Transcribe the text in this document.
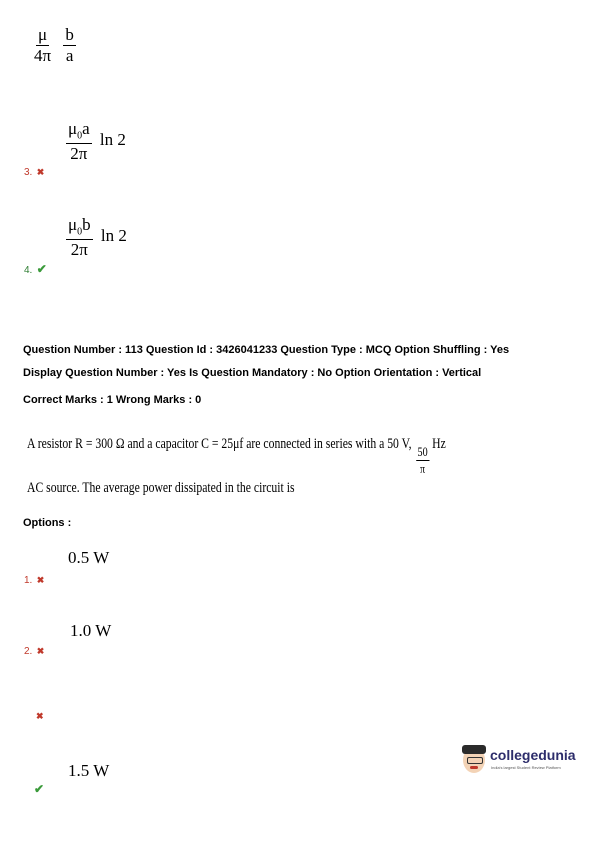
$\frac{\mu}{4\pi}$
$\frac{b}{a}$
$\frac{\mu_0a}{2\pi}$ ln 2
3. ✖
$\frac{\mu_0b}{2\pi}$ ln 2
4. ✔
Question Number : 113 Question Id : 3426041233 Question Type : MCQ Option Shuffling : Yes
Display Question Number : Yes Is Question Mandatory : No Option Orientation : Vertical
Correct Marks : 1 Wrong Marks : 0
A resistor R = 300 Ω and a capacitor C = 25μf are connected in series with a 50 V,
$\frac{50}{\pi}$
Hz
AC source. The average power dissipated in the circuit is
Options :
0.5 W
1. ✖
1.0 W
2. ✖
✖
1.5 W
✔
collegedunia
India's largest Student Review Platform
